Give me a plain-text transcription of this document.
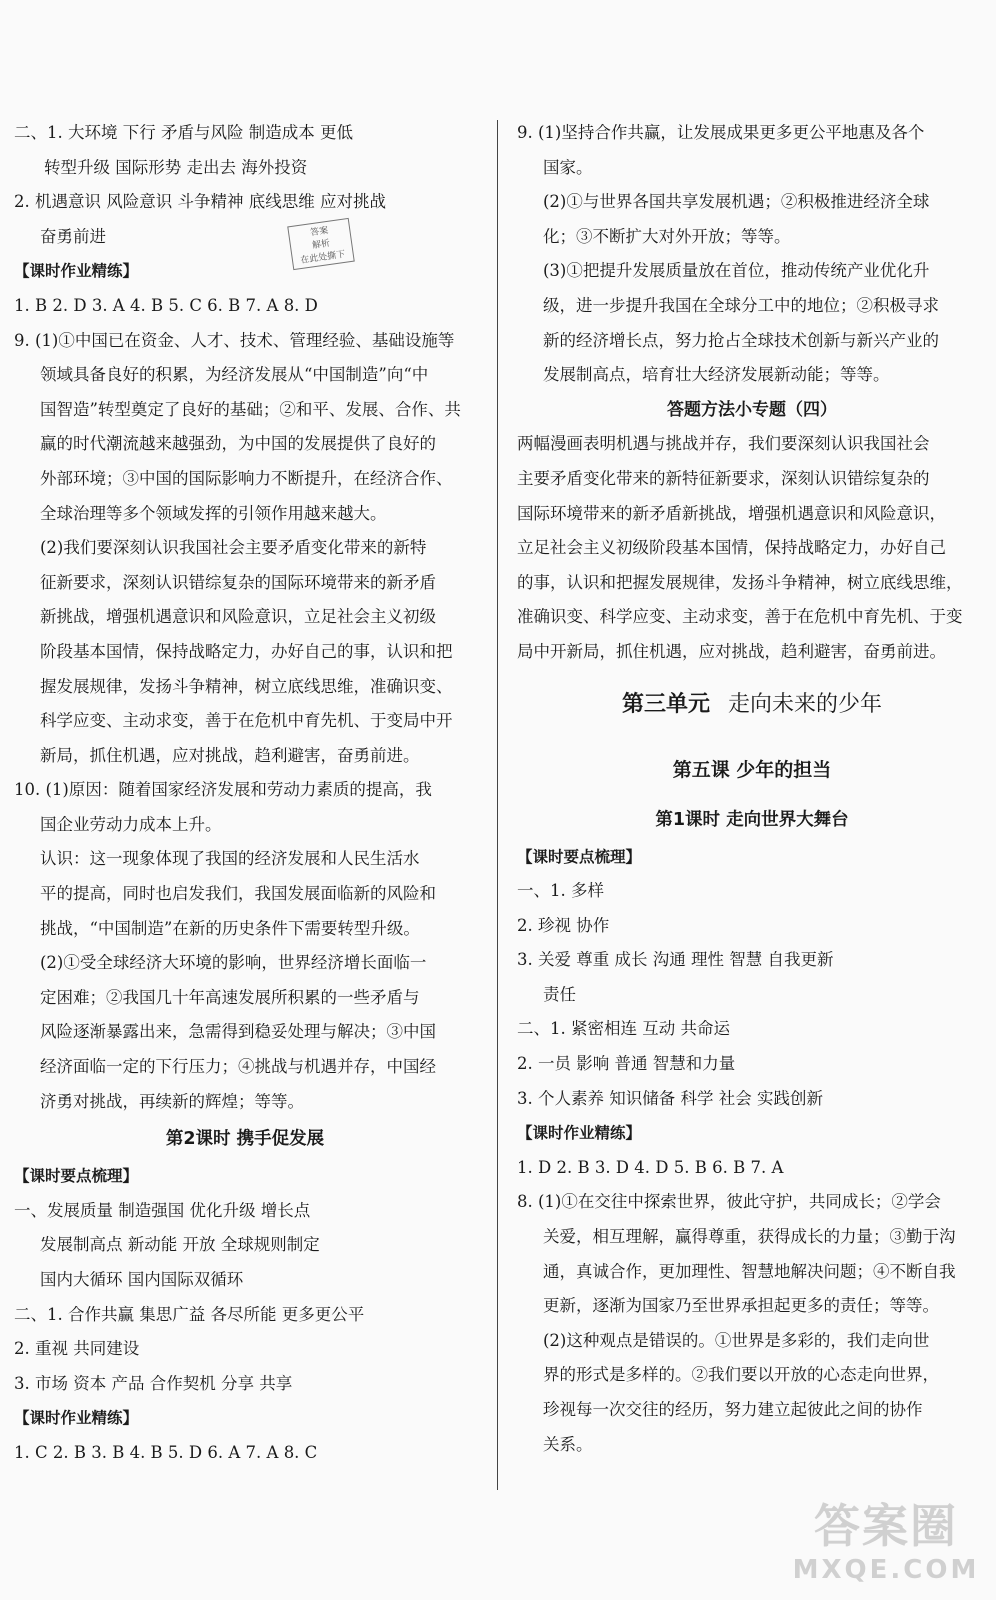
二、1. 大环境 下行 矛盾与风险 制造成本 更低
转型升级 国际形势 走出去 海外投资
2. 机遇意识 风险意识 斗争精神 底线思维 应对挑战
奋勇前进
【课时作业精练】
1. B 2. D 3. A 4. B 5. C 6. B 7. A 8. D
9. (1)①中国已在资金、人才、技术、管理经验、基础设施等
领域具备良好的积累，为经济发展从“中国制造”向“中
国智造”转型奠定了良好的基础；②和平、发展、合作、共
赢的时代潮流越来越强劲，为中国的发展提供了良好的
外部环境；③中国的国际影响力不断提升，在经济合作、
全球治理等多个领域发挥的引领作用越来越大。
(2)我们要深刻认识我国社会主要矛盾变化带来的新特
征新要求，深刻认识错综复杂的国际环境带来的新矛盾
新挑战，增强机遇意识和风险意识，立足社会主义初级
阶段基本国情，保持战略定力，办好自己的事，认识和把
握发展规律，发扬斗争精神，树立底线思维，准确识变、
科学应变、主动求变，善于在危机中育先机、于变局中开
新局，抓住机遇，应对挑战，趋利避害，奋勇前进。
10. (1)原因：随着国家经济发展和劳动力素质的提高，我
国企业劳动力成本上升。
认识：这一现象体现了我国的经济发展和人民生活水
平的提高，同时也启发我们，我国发展面临新的风险和
挑战，“中国制造”在新的历史条件下需要转型升级。
(2)①受全球经济大环境的影响，世界经济增长面临一
定困难；②我国几十年高速发展所积累的一些矛盾与
风险逐渐暴露出来，急需得到稳妥处理与解决；③中国
经济面临一定的下行压力；④挑战与机遇并存，中国经
济勇对挑战，再续新的辉煌；等等。
第2课时 携手促发展
【课时要点梳理】
一、发展质量 制造强国 优化升级 增长点
发展制高点 新动能 开放 全球规则制定
国内大循环 国内国际双循环
二、1. 合作共赢 集思广益 各尽所能 更多更公平
2. 重视 共同建设
3. 市场 资本 产品 合作契机 分享 共享
【课时作业精练】
1. C 2. B 3. B 4. B 5. D 6. A 7. A 8. C
9. (1)坚持合作共赢，让发展成果更多更公平地惠及各个
国家。
(2)①与世界各国共享发展机遇；②积极推进经济全球
化；③不断扩大对外开放；等等。
(3)①把提升发展质量放在首位，推动传统产业优化升
级，进一步提升我国在全球分工中的地位；②积极寻求
新的经济增长点，努力抢占全球技术创新与新兴产业的
发展制高点，培育壮大经济发展新动能；等等。
答题方法小专题（四）
两幅漫画表明机遇与挑战并存，我们要深刻认识我国社会
主要矛盾变化带来的新特征新要求，深刻认识错综复杂的
国际环境带来的新矛盾新挑战，增强机遇意识和风险意识，
立足社会主义初级阶段基本国情，保持战略定力，办好自己
的事，认识和把握发展规律，发扬斗争精神，树立底线思维，
准确识变、科学应变、主动求变，善于在危机中育先机、于变
局中开新局，抓住机遇，应对挑战，趋利避害，奋勇前进。
第三单元 走向未来的少年
第五课 少年的担当
第1课时 走向世界大舞台
【课时要点梳理】
一、1. 多样
2. 珍视 协作
3. 关爱 尊重 成长 沟通 理性 智慧 自我更新
责任
二、1. 紧密相连 互动 共命运
2. 一员 影响 普通 智慧和力量
3. 个人素养 知识储备 科学 社会 实践创新
【课时作业精练】
1. D 2. B 3. D 4. D 5. B 6. B 7. A
8. (1)①在交往中探索世界，彼此守护，共同成长；②学会
关爱，相互理解，赢得尊重，获得成长的力量；③勤于沟
通，真诚合作，更加理性、智慧地解决问题；④不断自我
更新，逐渐为国家乃至世界承担起更多的责任；等等。
(2)这种观点是错误的。①世界是多彩的，我们走向世
界的形式是多样的。②我们要以开放的心态走向世界，
珍视每一次交往的经历，努力建立起彼此之间的协作
关系。
答案
解析
在此处撕下
答案圈
MXQE.COM
